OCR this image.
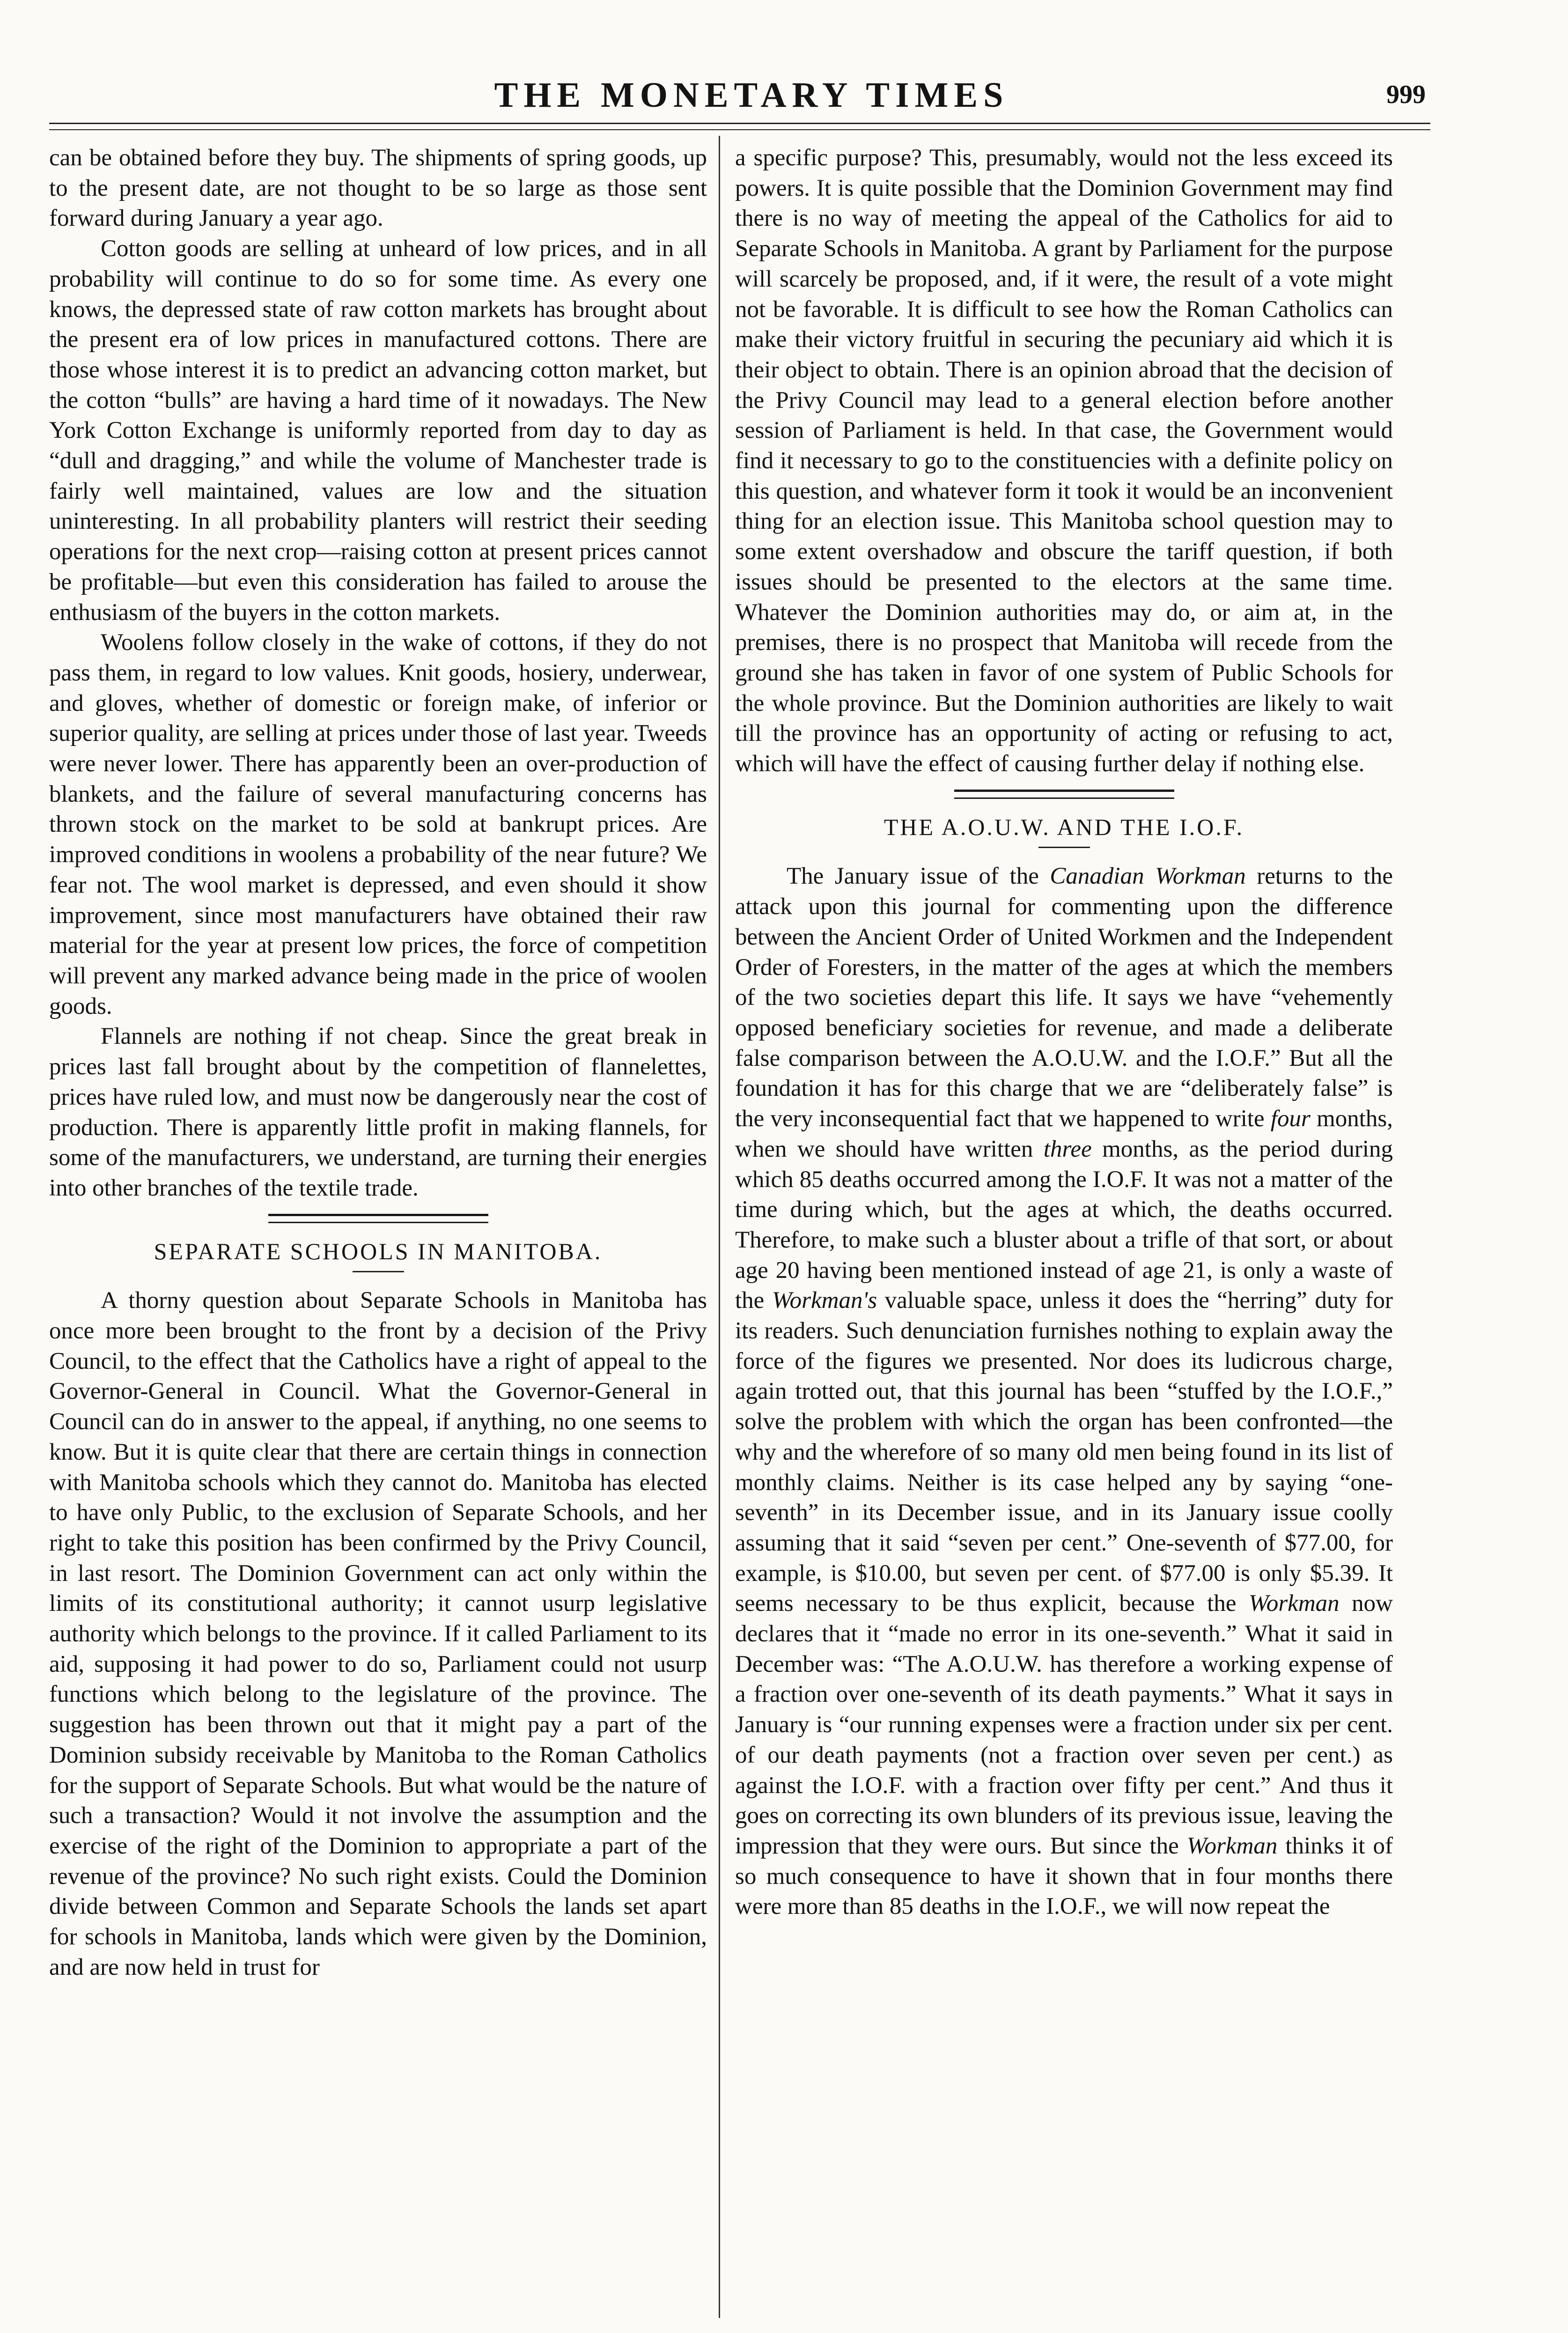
THE MONETARY TIMES	999

can be obtained before they buy. The shipments of spring goods, up to the present date, are not thought to be so large as those sent forward during January a year ago.

Cotton goods are selling at unheard of low prices, and in all probability will continue to do so for some time. As every one knows, the depressed state of raw cotton markets has brought about the present era of low prices in manufactured cottons. There are those whose interest it is to predict an advancing cotton market, but the cotton “bulls” are having a hard time of it nowadays. The New York Cotton Exchange is uniformly reported from day to day as “dull and dragging,” and while the volume of Manchester trade is fairly well maintained, values are low and the situation uninteresting. In all probability planters will restrict their seeding operations for the next crop—raising cotton at present prices cannot be profitable—but even this consideration has failed to arouse the enthusiasm of the buyers in the cotton markets.

Woolens follow closely in the wake of cottons, if they do not pass them, in regard to low values. Knit goods, hosiery, underwear, and gloves, whether of domestic or foreign make, of inferior or superior quality, are selling at prices under those of last year. Tweeds were never lower. There has apparently been an over-production of blankets, and the failure of several manufacturing concerns has thrown stock on the market to be sold at bankrupt prices. Are improved conditions in woolens a probability of the near future? We fear not. The wool market is depressed, and even should it show improvement, since most manufacturers have obtained their raw material for the year at present low prices, the force of competition will prevent any marked advance being made in the price of woolen goods.

Flannels are nothing if not cheap. Since the great break in prices last fall brought about by the competition of flannelettes, prices have ruled low, and must now be dangerously near the cost of production. There is apparently little profit in making flannels, for some of the manufacturers, we understand, are turning their energies into other branches of the textile trade.

SEPARATE SCHOOLS IN MANITOBA.

A thorny question about Separate Schools in Manitoba has once more been brought to the front by a decision of the Privy Council, to the effect that the Catholics have a right of appeal to the Governor-General in Council. What the Governor-General in Council can do in answer to the appeal, if anything, no one seems to know. But it is quite clear that there are certain things in connection with Manitoba schools which they cannot do. Manitoba has elected to have only Public, to the exclusion of Separate Schools, and her right to take this position has been confirmed by the Privy Council, in last resort. The Dominion Government can act only within the limits of its constitutional authority; it cannot usurp legislative authority which belongs to the province. If it called Parliament to its aid, supposing it had power to do so, Parliament could not usurp functions which belong to the legislature of the province. The suggestion has been thrown out that it might pay a part of the Dominion subsidy receivable by Manitoba to the Roman Catholics for the support of Separate Schools. But what would be the nature of such a transaction? Would it not involve the assumption and the exercise of the right of the Dominion to appropriate a part of the revenue of the province? No such right exists. Could the Dominion divide between Common and Separate Schools the lands set apart for schools in Manitoba, lands which were given by the Dominion, and are now held in trust for

a specific purpose? This, presumably, would not the less exceed its powers. It is quite possible that the Dominion Government may find there is no way of meeting the appeal of the Catholics for aid to Separate Schools in Manitoba. A grant by Parliament for the purpose will scarcely be proposed, and, if it were, the result of a vote might not be favorable. It is difficult to see how the Roman Catholics can make their victory fruitful in securing the pecuniary aid which it is their object to obtain. There is an opinion abroad that the decision of the Privy Council may lead to a general election before another session of Parliament is held. In that case, the Government would find it necessary to go to the constituencies with a definite policy on this question, and whatever form it took it would be an inconvenient thing for an election issue. This Manitoba school question may to some extent overshadow and obscure the tariff question, if both issues should be presented to the electors at the same time. Whatever the Dominion authorities may do, or aim at, in the premises, there is no prospect that Manitoba will recede from the ground she has taken in favor of one system of Public Schools for the whole province. But the Dominion authorities are likely to wait till the province has an opportunity of acting or refusing to act, which will have the effect of causing further delay if nothing else.

THE A.O.U.W. AND THE I.O.F.

The January issue of the Canadian Workman returns to the attack upon this journal for commenting upon the difference between the Ancient Order of United Workmen and the Independent Order of Foresters, in the matter of the ages at which the members of the two societies depart this life. It says we have “vehemently opposed beneficiary societies for revenue, and made a deliberate false comparison between the A.O.U.W. and the I.O.F.” But all the foundation it has for this charge that we are “deliberately false” is the very inconsequential fact that we happened to write four months, when we should have written three months, as the period during which 85 deaths occurred among the I.O.F. It was not a matter of the time during which, but the ages at which, the deaths occurred. Therefore, to make such a bluster about a trifle of that sort, or about age 20 having been mentioned instead of age 21, is only a waste of the Workman's valuable space, unless it does the “herring” duty for its readers. Such denunciation furnishes nothing to explain away the force of the figures we presented. Nor does its ludicrous charge, again trotted out, that this journal has been “stuffed by the I.O.F.,” solve the problem with which the organ has been confronted—the why and the wherefore of so many old men being found in its list of monthly claims. Neither is its case helped any by saying “one-seventh” in its December issue, and in its January issue coolly assuming that it said “seven per cent.” One-seventh of $77.00, for example, is $10.00, but seven per cent. of $77.00 is only $5.39. It seems necessary to be thus explicit, because the Workman now declares that it “made no error in its one-seventh.” What it said in December was: “The A.O.U.W. has therefore a working expense of a fraction over one-seventh of its death payments.” What it says in January is “our running expenses were a fraction under six per cent. of our death payments (not a fraction over seven per cent.) as against the I.O.F. with a fraction over fifty per cent.” And thus it goes on correcting its own blunders of its previous issue, leaving the impression that they were ours. But since the Workman thinks it of so much consequence to have it shown that in four months there were more than 85 deaths in the I.O.F., we will now repeat the
